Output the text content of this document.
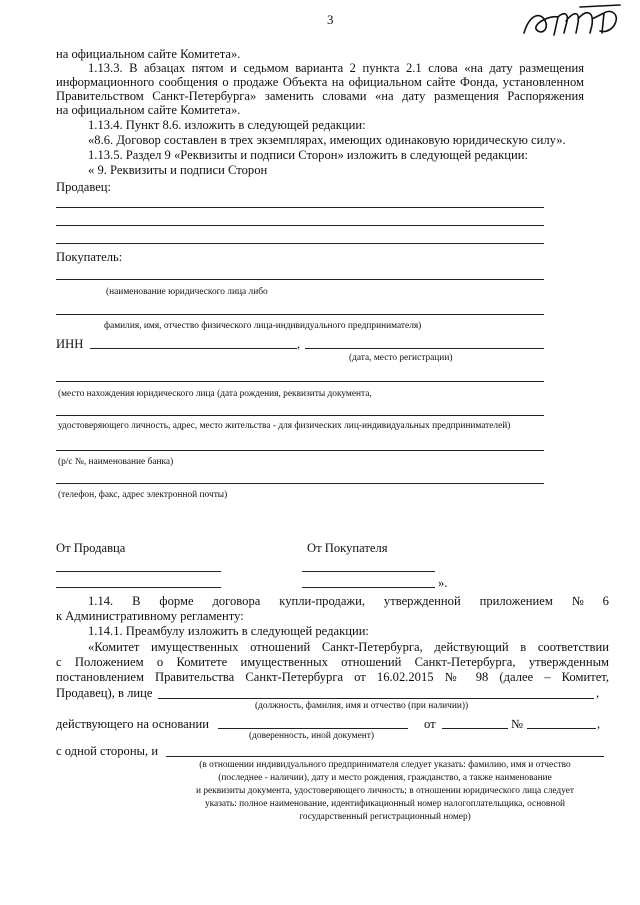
3
на официальном сайте Комитета».
1.13.3. В абзацах пятом и седьмом варианта 2 пункта 2.1 слова «на дату размещения
информационного сообщения о продаже Объекта на официальном сайте Фонда, установленном
Правительством Санкт-Петербурга» заменить словами «на дату размещения Распоряжения
на официальном сайте Комитета».
1.13.4. Пункт 8.6. изложить в следующей редакции:
«8.6. Договор составлен в трех экземплярах, имеющих одинаковую юридическую силу».
1.13.5. Раздел 9 «Реквизиты и подписи Сторон» изложить в следующей редакции:
« 9. Реквизиты и подписи Сторон
Продавец:
Покупатель:
(наименование юридического лица либо
фамилия, имя, отчество физического лица-индивидуального предпринимателя)
ИНН	,
(дата, место регистрации)
(место нахождения юридического лица (дата рождения, реквизиты документа,
удостоверяющего личность, адрес, место жительства - для физических лиц-индивидуальных предпринимателей)
(р/с №, наименование банка)
(телефон, факс, адрес электронной почты)
От Продавца	От Покупателя
».
1.14. В форме договора купли-продажи, утвержденной приложением № 6
к Административному регламенту:
1.14.1. Преамбулу изложить в следующей редакции:
«Комитет имущественных отношений Санкт-Петербурга, действующий в соответствии
с Положением о Комитете имущественных отношений Санкт-Петербурга, утвержденным
постановлением Правительства Санкт-Петербурга от 16.02.2015 № 98 (далее – Комитет,
Продавец), в лице	,
(должность, фамилия, имя и отчество (при наличии))
действующего на основании	от	№	,
(доверенность, иной документ)
с одной стороны, и
(в отношении индивидуального предпринимателя следует указать: фамилию, имя и отчество
(последнее - наличии), дату и место рождения, гражданство, а также наименование
и реквизиты документа, удостоверяющего личность; в отношении юридического лица следует
указать: полное наименование, идентификационный номер налогоплательщика, основной
государственный регистрационный номер)
